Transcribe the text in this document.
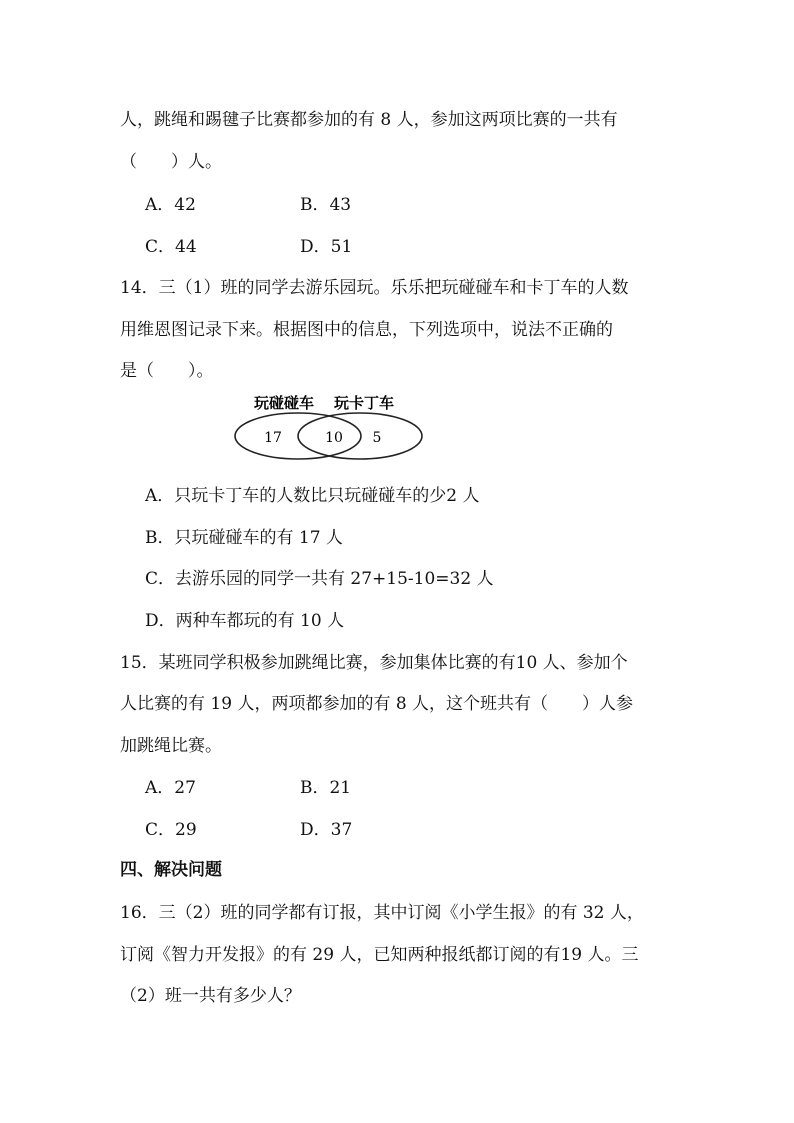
人，跳绳和踢毽子比赛都参加的有 8 人，参加这两项比赛的一共有
（　　）人。
A．42	B．43
C．44	D．51
14．三（1）班的同学去游乐园玩。乐乐把玩碰碰车和卡丁车的人数
用维恩图记录下来。根据图中的信息，下列选项中，说法不正确的
是（　　）。
玩碰碰车 玩卡丁车
17	10 5
A．只玩卡丁车的人数比只玩碰碰车的少2 人
B．只玩碰碰车的有 17 人
C．去游乐园的同学一共有 27+15-10=32 人
D．两种车都玩的有 10 人
15．某班同学积极参加跳绳比赛，参加集体比赛的有10 人、参加个
人比赛的有 19 人，两项都参加的有 8 人，这个班共有（　　）人参
加跳绳比赛。
A．27	B．21
C．29	D．37
四、解决问题
16．三（2）班的同学都有订报，其中订阅《小学生报》的有 32 人，
订阅《智力开发报》的有 29 人，已知两种报纸都订阅的有19 人。三
（2）班一共有多少人？
